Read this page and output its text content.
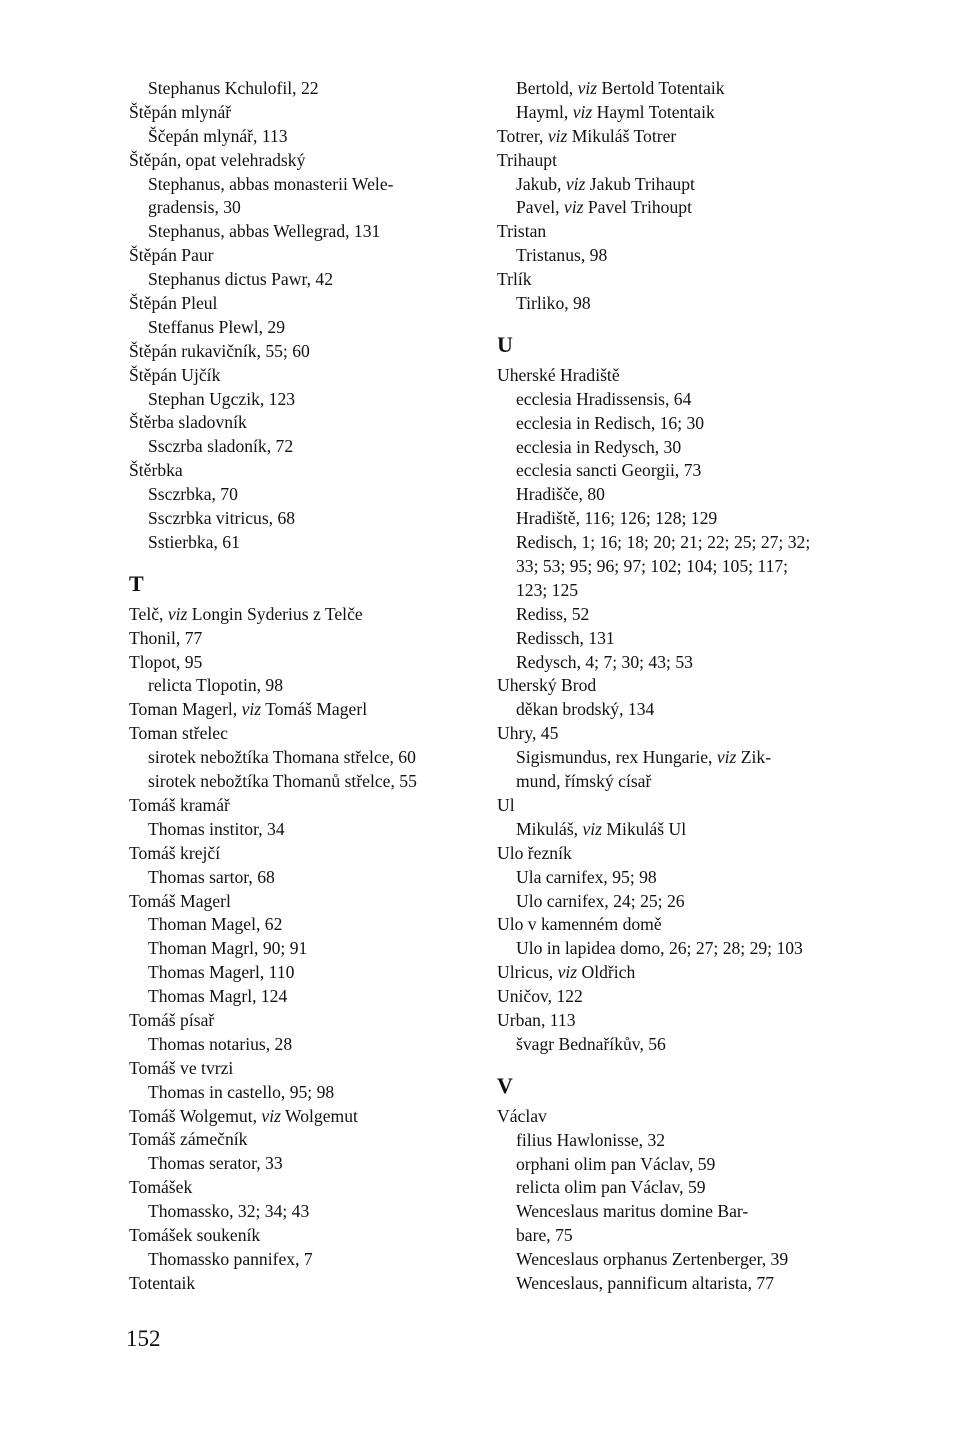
Stephanus Kchulofil, 22
Štěpán mlynář
Ščepán mlynář, 113
Štěpán, opat velehradský
Stephanus, abbas monasterii Wele-
gradensis, 30
Stephanus, abbas Wellegrad, 131
Štěpán Paur
Stephanus dictus Pawr, 42
Štěpán Pleul
Steffanus Plewl, 29
Štěpán rukavičník, 55; 60
Štěpán Ujčík
Stephan Ugczik, 123
Štěrba sladovník
Ssczrba sladoník, 72
Štěrbka
Ssczrbka, 70
Ssczrbka vitricus, 68
Sstierbka, 61
T
Telč, viz Longin Syderius z Telče
Thonil, 77
Tlopot, 95
relicta Tlopotin, 98
Toman Magerl, viz Tomáš Magerl
Toman střelec
sirotek nebožtíka Thomana střelce, 60
sirotek nebožtíka Thomanů střelce, 55
Tomáš kramář
Thomas institor, 34
Tomáš krejčí
Thomas sartor, 68
Tomáš Magerl
Thoman Magel, 62
Thoman Magrl, 90; 91
Thomas Magerl, 110
Thomas Magrl, 124
Tomáš písař
Thomas notarius, 28
Tomáš ve tvrzi
Thomas in castello, 95; 98
Tomáš Wolgemut, viz Wolgemut
Tomáš zámečník
Thomas serator, 33
Tomášek
Thomassko, 32; 34; 43
Tomášek soukeník
Thomassko pannifex, 7
Totentaik
Bertold, viz Bertold Totentaik
Hayml, viz Hayml Totentaik
Totrer, viz Mikuláš Totrer
Trihaupt
Jakub, viz Jakub Trihaupt
Pavel, viz Pavel Trihoupt
Tristan
Tristanus, 98
Trlík
Tirliko, 98
U
Uherské Hradiště
ecclesia Hradissensis, 64
ecclesia in Redisch, 16; 30
ecclesia in Redysch, 30
ecclesia sancti Georgii, 73
Hradišče, 80
Hradiště, 116; 126; 128; 129
Redisch, 1; 16; 18; 20; 21; 22; 25; 27; 32;
33; 53; 95; 96; 97; 102; 104; 105; 117;
123; 125
Rediss, 52
Redissch, 131
Redysch, 4; 7; 30; 43; 53
Uherský Brod
děkan brodský, 134
Uhry, 45
Sigismundus, rex Hungarie, viz Zik-
mund, římský císař
Ul
Mikuláš, viz Mikuláš Ul
Ulo řezník
Ula carnifex, 95; 98
Ulo carnifex, 24; 25; 26
Ulo v kamenném domě
Ulo in lapidea domo, 26; 27; 28; 29; 103
Ulricus, viz Oldřich
Uničov, 122
Urban, 113
švagr Bednaříkův, 56
V
Václav
filius Hawlonisse, 32
orphani olim pan Václav, 59
relicta olim pan Václav, 59
Wenceslaus maritus domine Bar-
bare, 75
Wenceslaus orphanus Zertenberger, 39
Wenceslaus, pannificum altarista, 77
152
